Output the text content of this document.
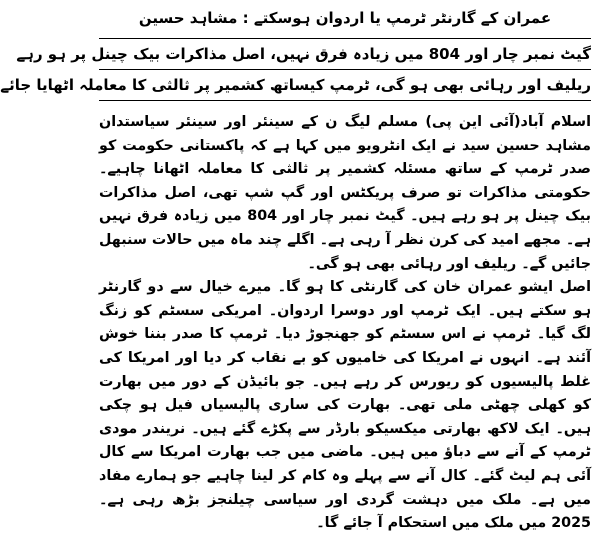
عمران کے گارنٹر ٹرمپ یا اردوان ہوسکتے : مشاہد حسین
گیٹ نمبر چار اور 804 میں زیادہ فرق نہیں، اصل مذاکرات بیک چینل پر ہو رہے
ریلیف اور رہائی بھی ہو گی، ٹرمپ کیساتھ کشمیر پر ثالثی کا معاملہ اٹھایا جائے

اسلام آباد(آئی این پی) مسلم لیگ ن کے سینئر اور سینئر سیاستدان مشاہد حسین سید نے ایک انٹرویو میں کہا ہے کہ پاکستانی حکومت کو صدر ٹرمپ کے ساتھ مسئلہ کشمیر پر ثالثی کا معاملہ اٹھانا چاہیے۔ حکومتی مذاکرات تو صرف پریکٹس اور گپ شپ تھی، اصل مذاکرات بیک چینل پر ہو رہے ہیں۔ گیٹ نمبر چار اور 804 میں زیادہ فرق نہیں ہے۔ مجھے امید کی کرن نظر آ رہی ہے۔ اگلے چند ماہ میں حالات سنبھل جائیں گے۔ ریلیف اور رہائی بھی ہو گی۔

اصل ایشو عمران خان کی گارنٹی کا ہو گا۔ میرے خیال سے دو گارنٹر ہو سکتے ہیں۔ ایک ٹرمپ اور دوسرا اردوان۔ امریکی سسٹم کو زنگ لگ گیا۔ ٹرمپ نے اس سسٹم کو جھنجوڑ دیا۔ ٹرمپ کا صدر بننا خوش آئند ہے۔ انہوں نے امریکا کی خامیوں کو بے نقاب کر دیا اور امریکا کی غلط پالیسیوں کو ریورس کر رہے ہیں۔ جو بائیڈن کے دور میں بھارت کو کھلی چھٹی ملی تھی۔ بھارت کی ساری پالیسیاں فیل ہو چکی ہیں۔ ایک لاکھ بھارتی میکسیکو بارڈر سے پکڑے گئے ہیں۔ نریندر مودی ٹرمپ کے آنے سے دباؤ میں ہیں۔ ماضی میں جب بھارت امریکا سے کال آئی ہم لیٹ گئے۔ کال آنے سے پہلے وہ کام کر لینا چاہیے جو ہمارے مفاد میں ہے۔ ملک میں دہشت گردی اور سیاسی چیلنجز بڑھ رہی ہے۔ 2025 میں ملک میں استحکام آ جائے گا۔
